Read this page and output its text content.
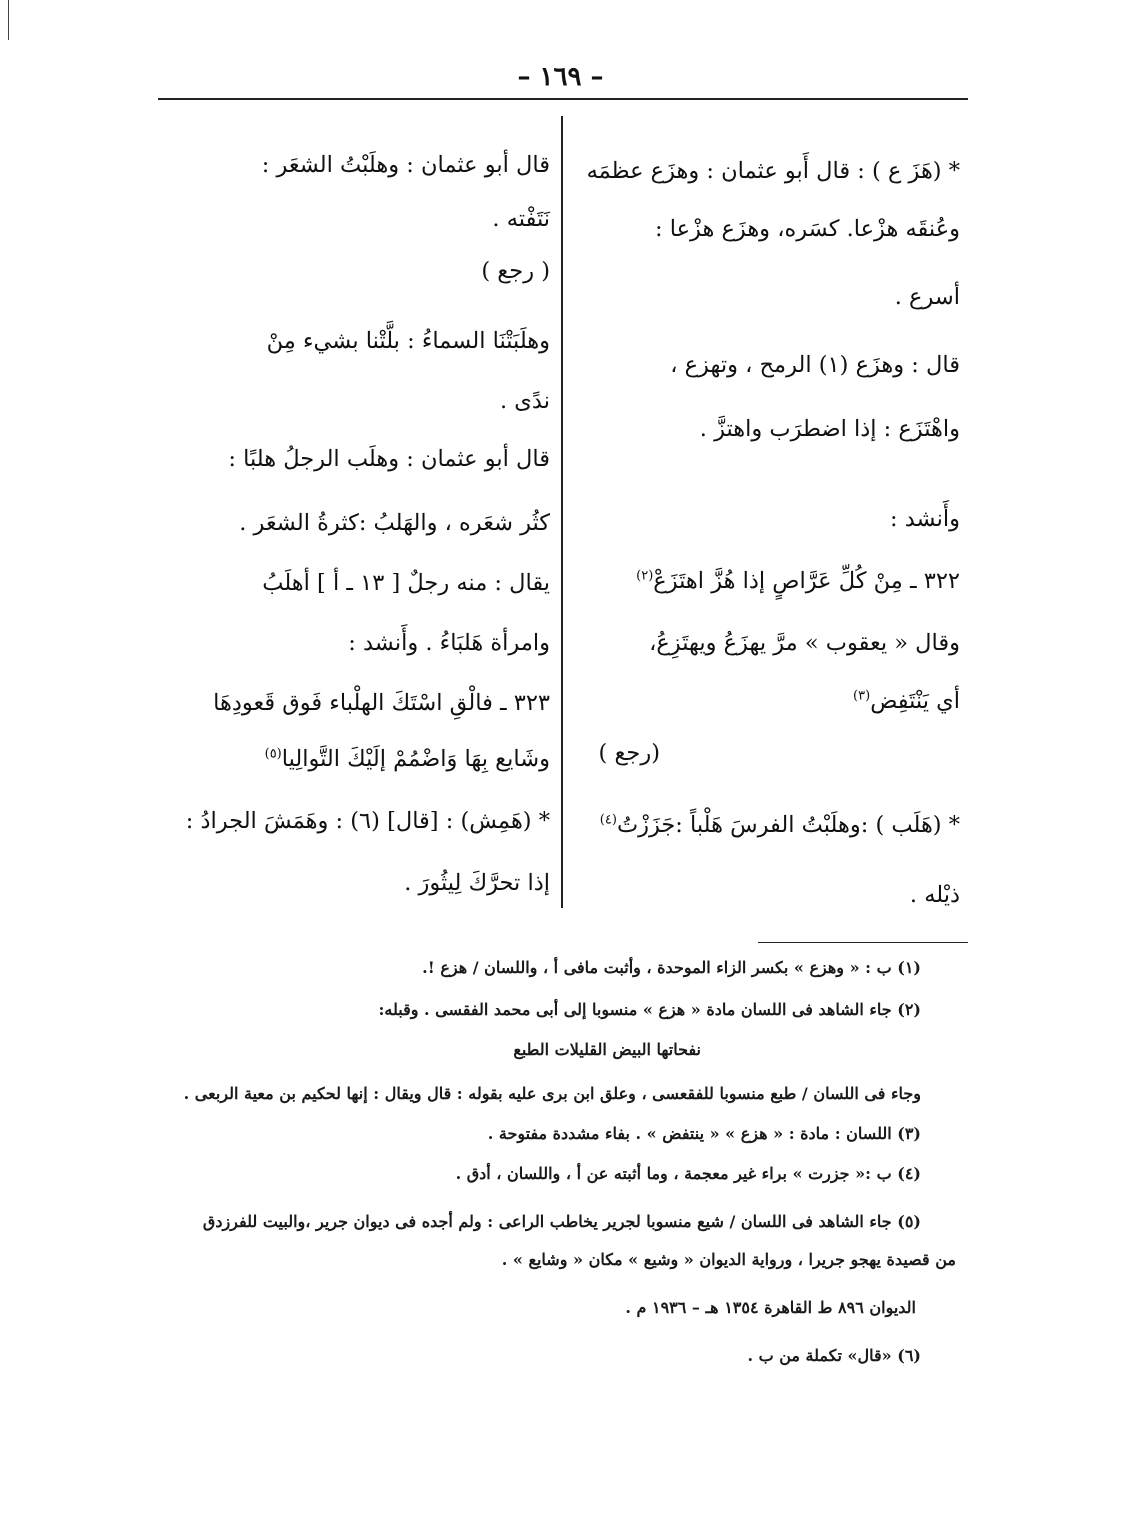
– ١٦٩ –
* (هَزَ ع ) : قال أَبو عثمان : وهزَع عظمَه
وعُنقَه هزْعا. كسَره، وهزَع هزْعا :
أسرع .
قال : وهزَع (١) الرمح ، وتهزع ،
واهْتَزَع : إذا اضطرَب واهتزَّ .
وأَنشد :
٣٢٢ ـ مِنْ كُلِّ عَرَّاصٍ إذا هُزَّ اهتَزَعْ$^{(٢)}$
وقال « يعقوب » مرَّ يهزَعُ ويهتَزِعُ،
أي يَنْتَفِض$^{(٣)}$
(رجع )
* (هَلَب ) :وهلَبْتُ الفرسَ هَلْباً :جَزَزْتُ$^{(٤)}$
ذيْله .
قال أبو عثمان : وهلَبْتُ الشعَر :
نَتَفْته .
( رجع )
وهلَبَتْنَا السماءُ : بلَّتْنا بشيء مِنْ
ندًى .
قال أبو عثمان : وهلَب الرجلُ هلبًا :
كثُر شعَره ، والهَلبُ :كثرةُ الشعَر .
يقال : منه رجلٌ [ ١٣ ـ أ ] أهلَبُ
وامرأة هَلبَاءُ . وأَنشد :
٣٢٣ ـ فالْقِ اسْتَكَ الهلْباء فَوق قَعودِهَا
وشَايع بِهَا وَاضْمُمْ إلَيْكَ التَّوالِيا$^{(٥)}$
* (هَمِش) : [قال] (٦) : وهَمَشَ الجرادُ :
إذا تحرَّكَ لِيثُورَ .
(١) ب : « وهزع » بكسر الزاء الموحدة ، وأثبت مافى أ ، واللسان / هزع !.
(٢) جاء الشاهد فى اللسان مادة « هزع » منسوبا إلى أبى محمد الفقسى . وقبله:
نفحاتها البيض القليلات الطبع
وجاء فى اللسان / طبع منسوبا للفقعسى ، وعلق ابن برى عليه بقوله : قال ويقال : إنها لحكيم بن معية الربعى .
(٣) اللسان : مادة : « هزع » « ينتفض » . بفاء مشددة مفتوحة .
(٤) ب :« جزرت » براء غير معجمة ، وما أثبته عن أ ، واللسان ، أدق .
(٥) جاء الشاهد فى اللسان / شيع منسوبا لجرير يخاطب الراعى : ولم أجده فى ديوان جرير ،والبيت للفرزدق
من قصيدة يهجو جريرا ، ورواية الديوان « وشيع » مكان « وشايع » .
الديوان ٨٩٦ ط القاهرة ١٣٥٤ هـ – ١٩٣٦ م .
(٦) «قال» تكملة من ب .
